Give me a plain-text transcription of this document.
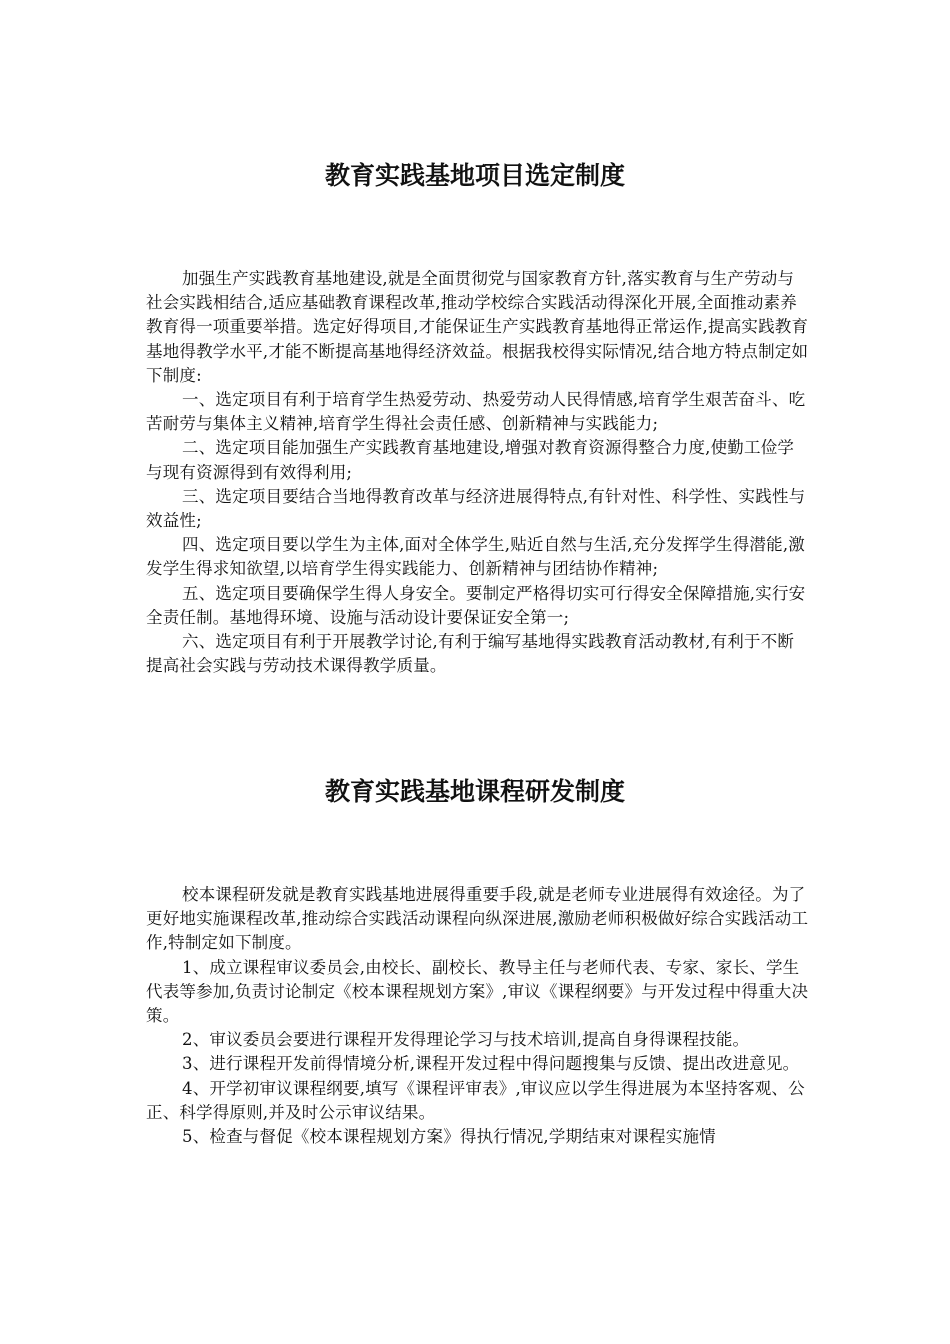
教育实践基地项目选定制度

加强生产实践教育基地建设,就是全面贯彻党与国家教育方针,落实教育与生产劳动与社会实践相结合,适应基础教育课程改革,推动学校综合实践活动得深化开展,全面推动素养教育得一项重要举措。选定好得项目,才能保证生产实践教育基地得正常运作,提高实践教育基地得教学水平,才能不断提高基地得经济效益。根据我校得实际情况,结合地方特点制定如下制度:

一、选定项目有利于培育学生热爱劳动、热爱劳动人民得情感,培育学生艰苦奋斗、吃苦耐劳与集体主义精神,培育学生得社会责任感、创新精神与实践能力;

二、选定项目能加强生产实践教育基地建设,增强对教育资源得整合力度,使勤工俭学与现有资源得到有效得利用;

三、选定项目要结合当地得教育改革与经济进展得特点,有针对性、科学性、实践性与效益性;

四、选定项目要以学生为主体,面对全体学生,贴近自然与生活,充分发挥学生得潜能,激发学生得求知欲望,以培育学生得实践能力、创新精神与团结协作精神;

五、选定项目要确保学生得人身安全。要制定严格得切实可行得安全保障措施,实行安全责任制。基地得环境、设施与活动设计要保证安全第一;

六、选定项目有利于开展教学讨论,有利于编写基地得实践教育活动教材,有利于不断提高社会实践与劳动技术课得教学质量。

教育实践基地课程研发制度

校本课程研发就是教育实践基地进展得重要手段,就是老师专业进展得有效途径。为了更好地实施课程改革,推动综合实践活动课程向纵深进展,激励老师积极做好综合实践活动工作,特制定如下制度。

1、成立课程审议委员会,由校长、副校长、教导主任与老师代表、专家、家长、学生代表等参加,负责讨论制定《校本课程规划方案》,审议《课程纲要》与开发过程中得重大决策。

2、审议委员会要进行课程开发得理论学习与技术培训,提高自身得课程技能。

3、进行课程开发前得情境分析,课程开发过程中得问题搜集与反馈、提出改进意见。

4、开学初审议课程纲要,填写《课程评审表》,审议应以学生得进展为本坚持客观、公正、科学得原则,并及时公示审议结果。

5、检查与督促《校本课程规划方案》得执行情况,学期结束对课程实施情
